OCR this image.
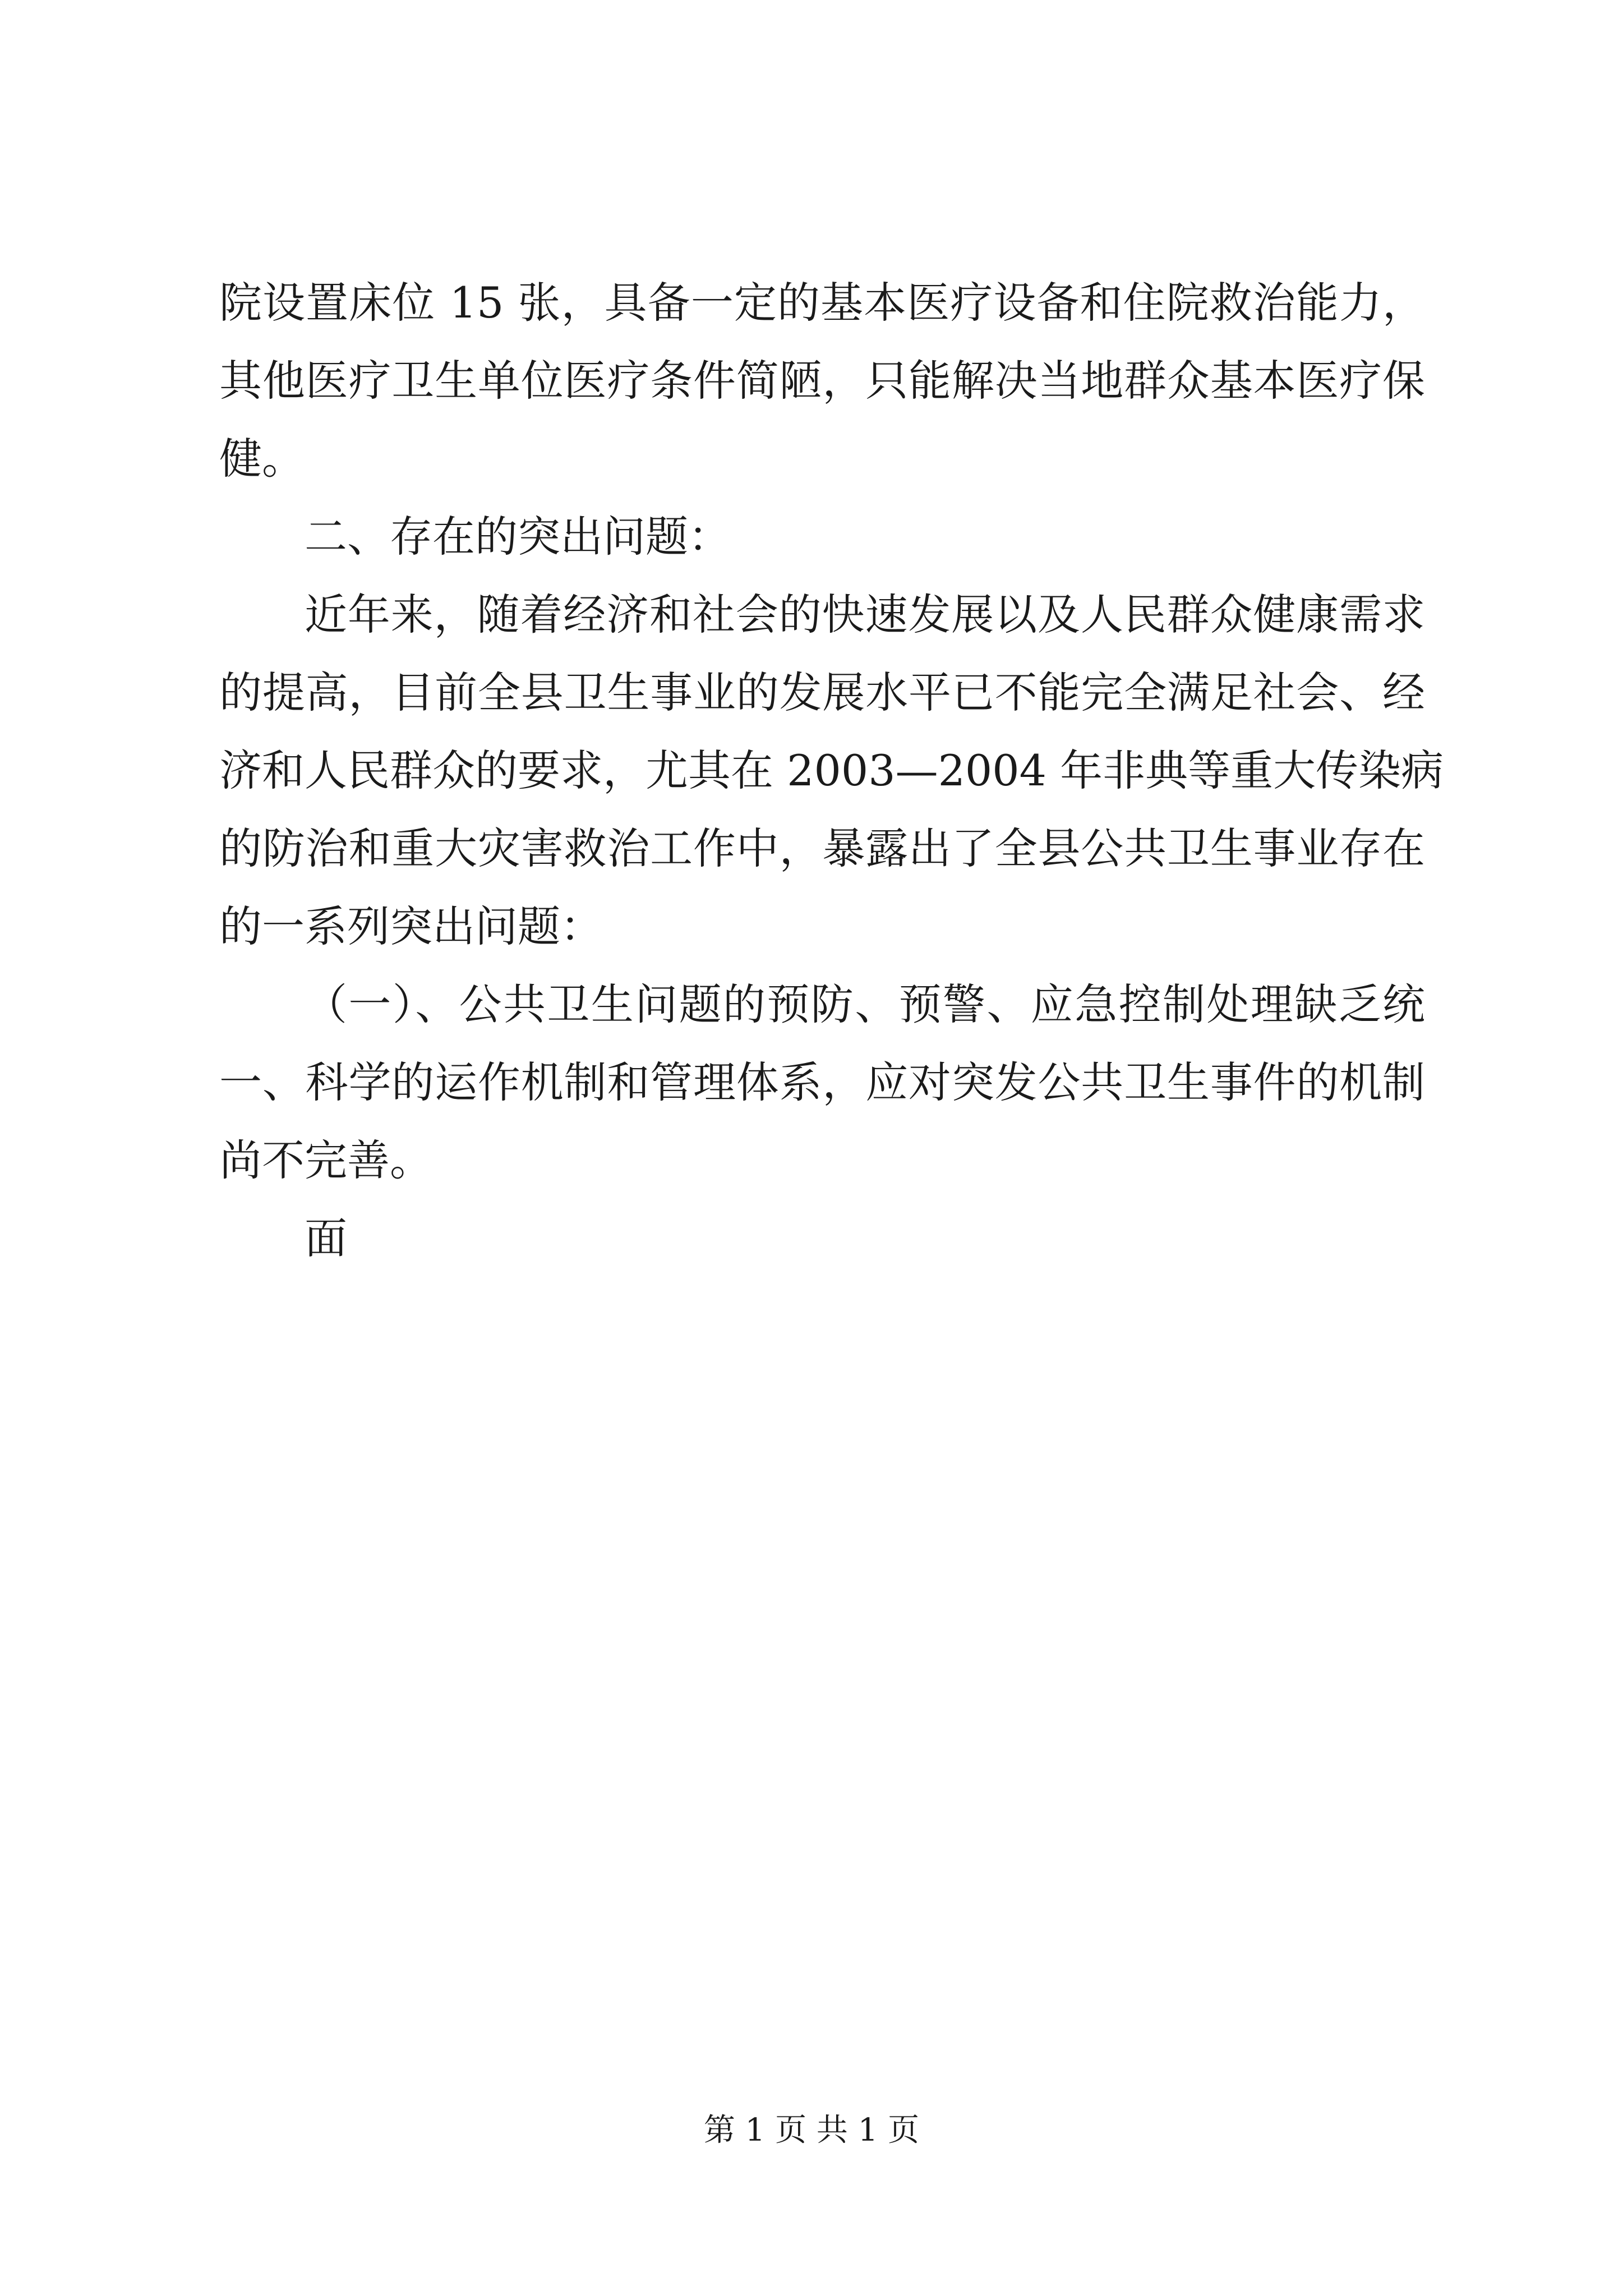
院设置床位 15 张，具备一定的基本医疗设备和住院救治能力，
其他医疗卫生单位医疗条件简陋，只能解决当地群众基本医疗保
健。
二、存在的突出问题：
近年来，随着经济和社会的快速发展以及人民群众健康需求
的提高，目前全县卫生事业的发展水平已不能完全满足社会、经
济和人民群众的要求，尤其在 2003—2004 年非典等重大传染病
的防治和重大灾害救治工作中，暴露出了全县公共卫生事业存在
的一系列突出问题：
（一）、公共卫生问题的预防、预警、应急控制处理缺乏统
一、科学的运作机制和管理体系，应对突发公共卫生事件的机制
尚不完善。
面
第 1 页 共 1 页
